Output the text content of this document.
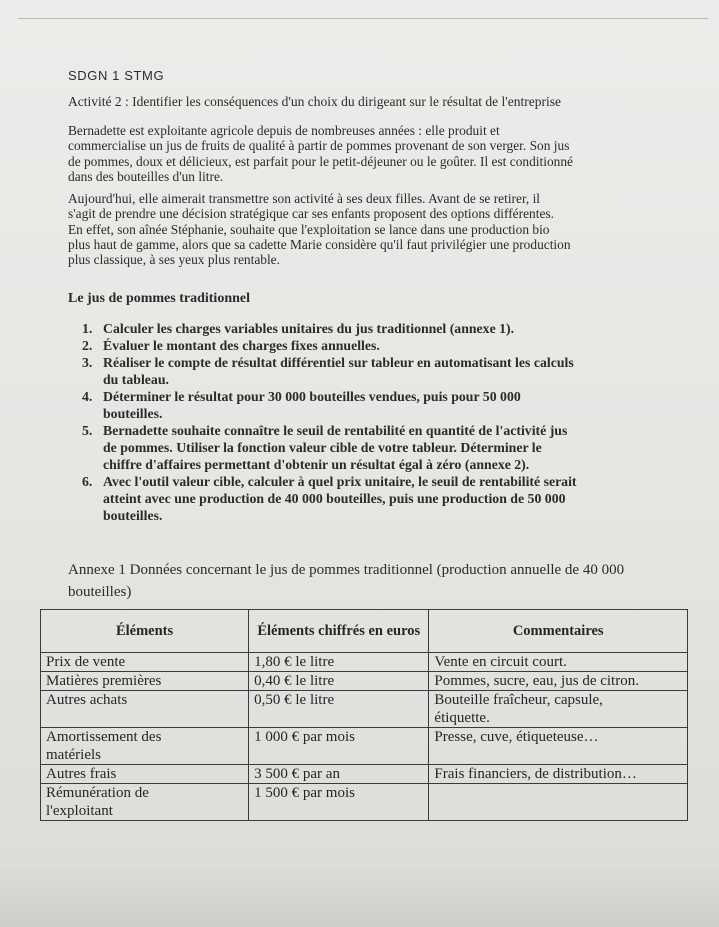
SDGN 1 STMG
Activité 2 : Identifier les conséquences d'un choix du dirigeant sur le résultat de l'entreprise
Bernadette est exploitante agricole depuis de nombreuses années : elle produit et
commercialise un jus de fruits de qualité à partir de pommes provenant de son verger. Son jus
de pommes, doux et délicieux, est parfait pour le petit-déjeuner ou le goûter. Il est conditionné
dans des bouteilles d'un litre.
Aujourd'hui, elle aimerait transmettre son activité à ses deux filles. Avant de se retirer, il
s'agit de prendre une décision stratégique car ses enfants proposent des options différentes.
En effet, son aînée Stéphanie, souhaite que l'exploitation se lance dans une production bio
plus haut de gamme, alors que sa cadette Marie considère qu'il faut privilégier une production
plus classique, à ses yeux plus rentable.
Le jus de pommes traditionnel
1. Calculer les charges variables unitaires du jus traditionnel (annexe 1).
2. Évaluer le montant des charges fixes annuelles.
3. Réaliser le compte de résultat différentiel sur tableur en automatisant les calculs
du tableau.
4. Déterminer le résultat pour 30 000 bouteilles vendues, puis pour 50 000
bouteilles.
5. Bernadette souhaite connaître le seuil de rentabilité en quantité de l'activité jus
de pommes. Utiliser la fonction valeur cible de votre tableur. Déterminer le
chiffre d'affaires permettant d'obtenir un résultat égal à zéro (annexe 2).
6. Avec l'outil valeur cible, calculer à quel prix unitaire, le seuil de rentabilité serait
atteint avec une production de 40 000 bouteilles, puis une production de 50 000
bouteilles.
Annexe 1 Données concernant le jus de pommes traditionnel (production annuelle de 40 000
bouteilles)
Éléments	Éléments chiffrés en euros	Commentaires

Prix de vente	1,80 € le litre	Vente en circuit court.

Matières premières	0,40 € le litre	Pommes, sucre, eau, jus de citron.

Autres achats	0,50 € le litre	Bouteille fraîcheur, capsule,
étiquette.

Amortissement des
matériels	1 000 € par mois	Presse, cuve, étiqueteuse…

Autres frais	3 500 € par an	Frais financiers, de distribution…

Rémunération de
l'exploitant	1 500 € par mois	
